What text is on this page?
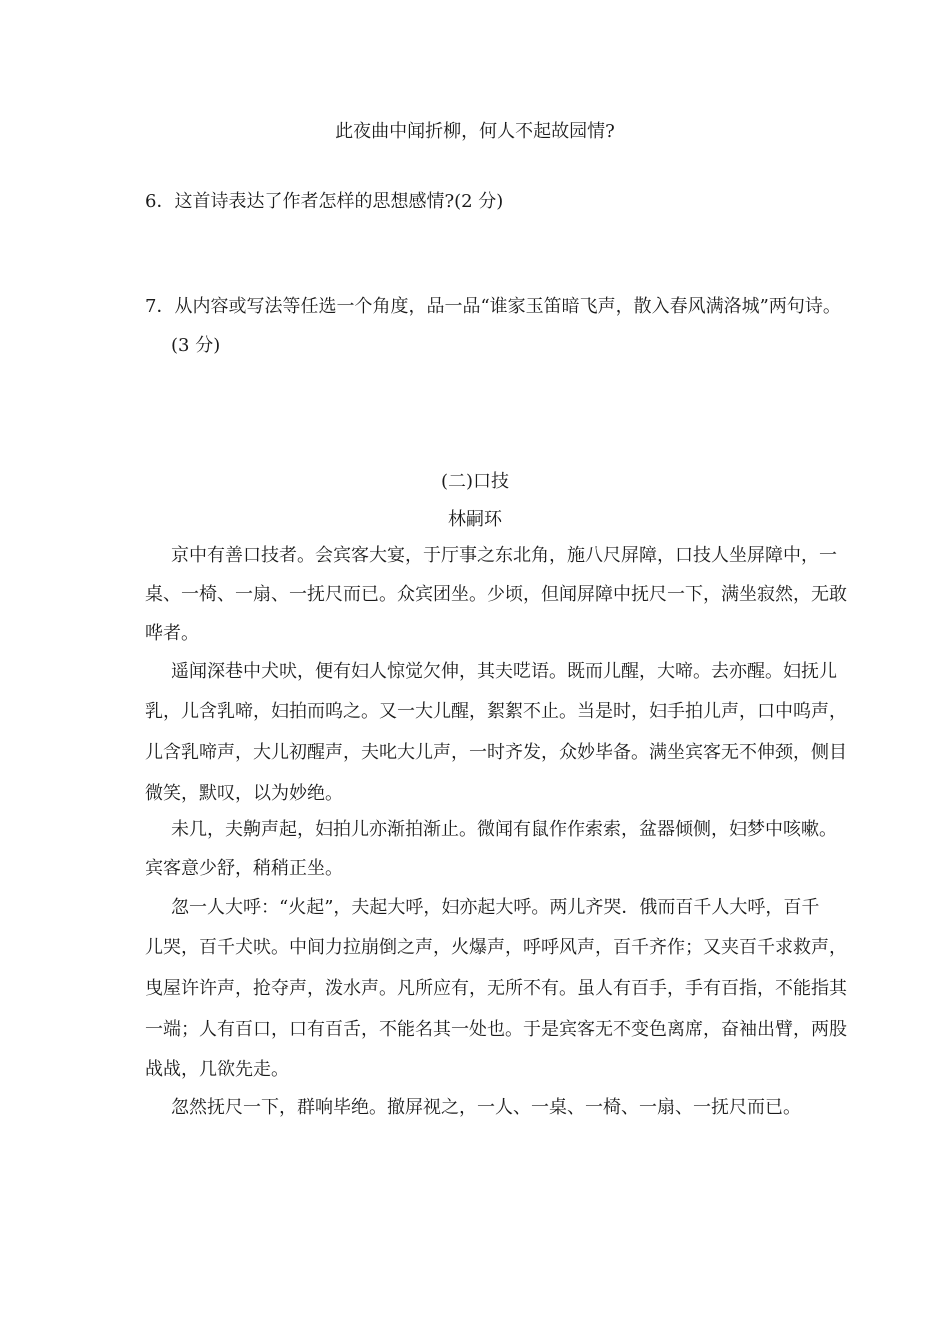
此夜曲中闻折柳，何人不起故园情?
6．这首诗表达了作者怎样的思想感情?(2 分)
7．从内容或写法等任选一个角度，品一品“谁家玉笛暗飞声，散入春风满洛城”两句诗。
(3 分)
(二)口技
林嗣环
京中有善口技者。会宾客大宴，于厅事之东北角，施八尺屏障，口技人坐屏障中，一
桌、一椅、一扇、一抚尺而已。众宾团坐。少顷，但闻屏障中抚尺一下，满坐寂然，无敢
哗者。
遥闻深巷中犬吠，便有妇人惊觉欠伸，其夫呓语。既而儿醒，大啼。去亦醒。妇抚儿
乳，儿含乳啼，妇拍而呜之。又一大儿醒，絮絮不止。当是时，妇手拍儿声，口中呜声，
儿含乳啼声，大儿初醒声，夫叱大儿声，一时齐发，众妙毕备。满坐宾客无不伸颈，侧目
微笑，默叹，以为妙绝。
未几，夫齁声起，妇拍儿亦渐拍渐止。微闻有鼠作作索索，盆器倾侧，妇梦中咳嗽。
宾客意少舒，稍稍正坐。
忽一人大呼：“火起”，夫起大呼，妇亦起大呼。两儿齐哭．俄而百千人大呼，百千
儿哭，百千犬吠。中间力拉崩倒之声，火爆声，呼呼风声，百千齐作；又夹百千求救声，
曳屋许许声，抢夺声，泼水声。凡所应有，无所不有。虽人有百手，手有百指，不能指其
一端；人有百口，口有百舌，不能名其一处也。于是宾客无不变色离席，奋袖出臂，两股
战战，几欲先走。
忽然抚尺一下，群响毕绝。撤屏视之，一人、一桌、一椅、一扇、一抚尺而已。
